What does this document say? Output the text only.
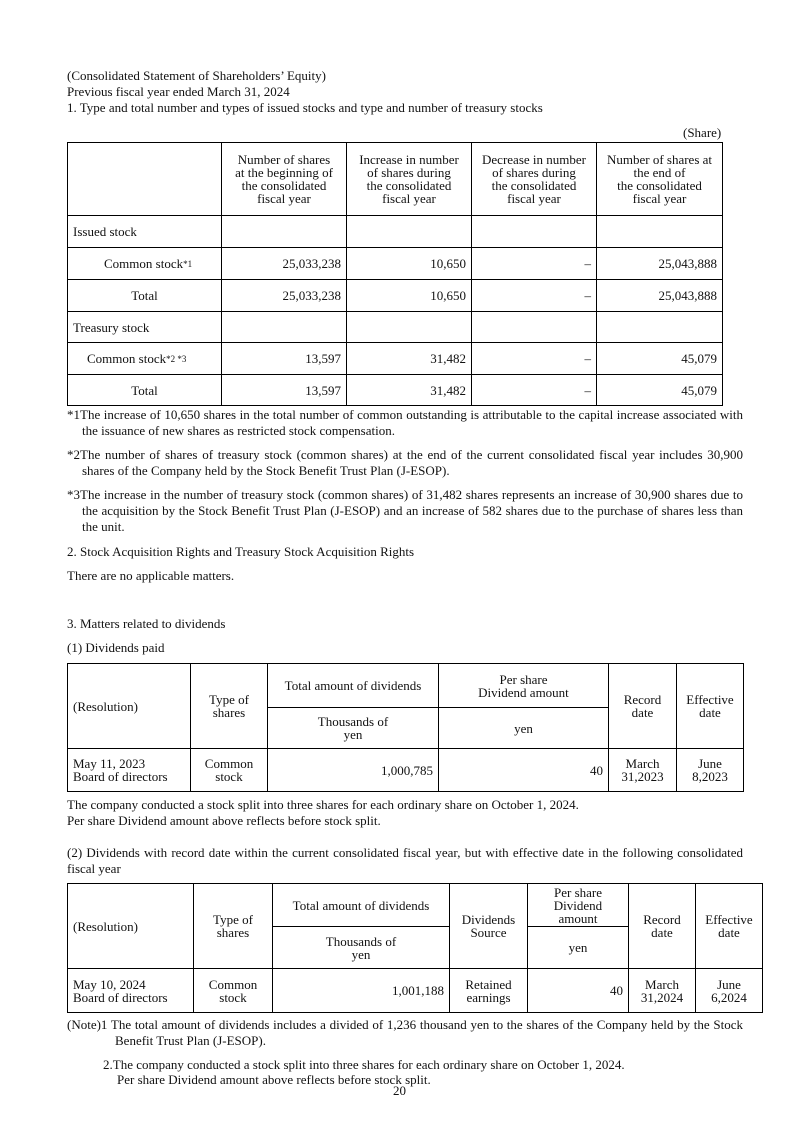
(Consolidated Statement of Shareholders’ Equity)
Previous fiscal year ended March 31, 2024
1. Type and total number and types of issued stocks and type and number of treasury stocks
(Share)

	Number of shares
at the beginning of
the consolidated
fiscal year	Increase in number
of shares during
the consolidated
fiscal year	Decrease in number
of shares during
the consolidated
fiscal year	Number of shares at
the end of
the consolidated
fiscal year

Issued stock				
Common stock$^{*1}$	25,033,238	10,650	–	25,043,888
Total	25,033,238	10,650	–	25,043,888
Treasury stock				
Common stock$^{*2 *3}$	13,597	31,482	–	45,079
Total	13,597	31,482	–	45,079
*1The increase of 10,650 shares in the total number of common outstanding is attributable to the capital increase associated with the issuance of new shares as restricted stock compensation.
*2The number of shares of treasury stock (common shares) at the end of the current consolidated fiscal year includes 30,900 shares of the Company held by the Stock Benefit Trust Plan (J-ESOP).
*3The increase in the number of treasury stock (common shares) of 31,482 shares represents an increase of 30,900 shares due to the acquisition by the Stock Benefit Trust Plan (J-ESOP) and an increase of 582 shares due to the purchase of shares less than the unit.
2. Stock Acquisition Rights and Treasury Stock Acquisition Rights
There are no applicable matters.
3. Matters related to dividends
(1) Dividends paid
(Resolution)	Type of
shares	Total amount of dividends	Per share
Dividend amount	Record
date	Effective
date

		Thousands of
yen	yen		

May 11, 2023
Board of directors	Common
stock	1,000,785	40	March
31,2023	June
8,2023
The company conducted a stock split into three shares for each ordinary share on October 1, 2024.
Per share Dividend amount above reflects before stock split.
(2) Dividends with record date within the current consolidated fiscal year, but with effective date in the following consolidated fiscal year
(Resolution)	Type of
shares	Total amount of dividends	Dividends
Source	Per share
Dividend
amount	Record
date	Effective
date

		Thousands of
yen		yen		

May 10, 2024
Board of directors	Common
stock	1,001,188	Retained
earnings	40	March
31,2024	June
6,2024
(Note)1 The total amount of dividends includes a divided of 1,236 thousand yen to the shares of the Company held by the Stock Benefit Trust Plan (J-ESOP).
2.The company conducted a stock split into three shares for each ordinary share on October 1, 2024.
Per share Dividend amount above reflects before stock split.
20
